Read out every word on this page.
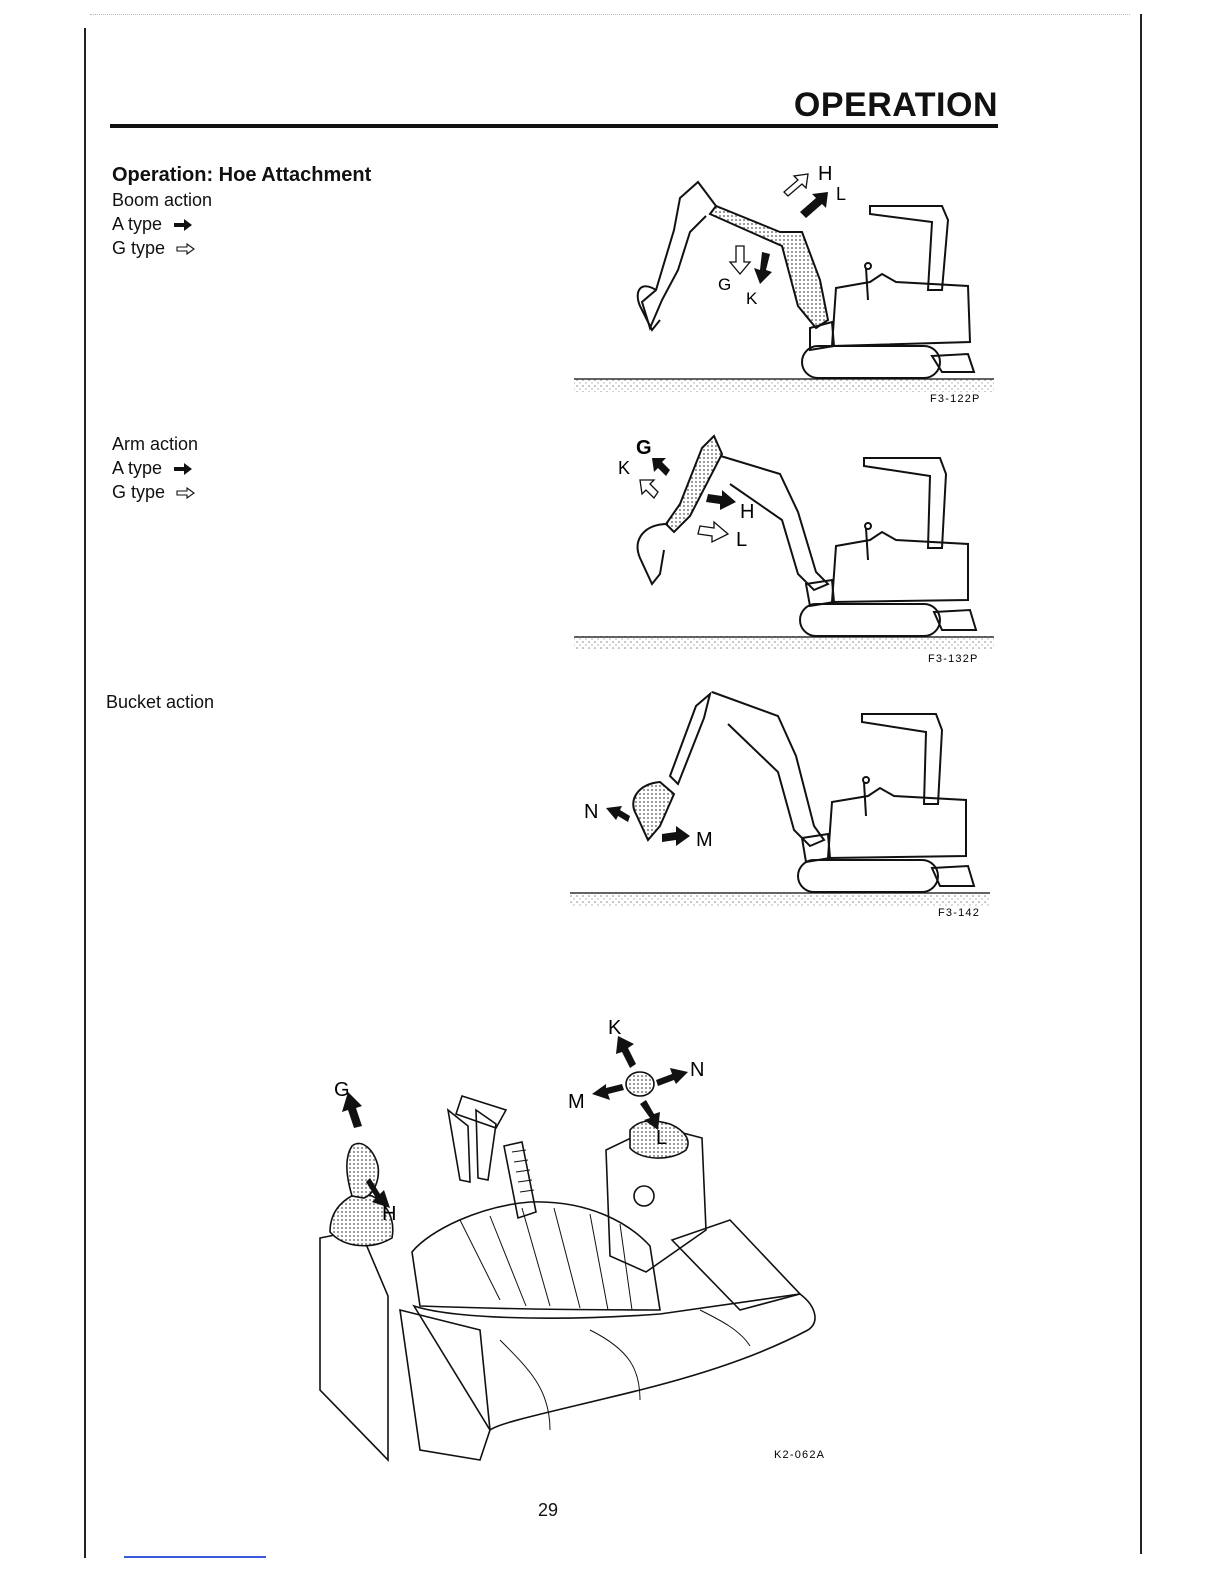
OPERATION
Operation: Hoe Attachment
Boom action
A type
G type
Arm action
A type
G type
Bucket action
H
L
G
K
F3-122P
G
K
H
L
F3-132P
N
M
F3-142
G
H
K
N
M
L
K2-062A
29
